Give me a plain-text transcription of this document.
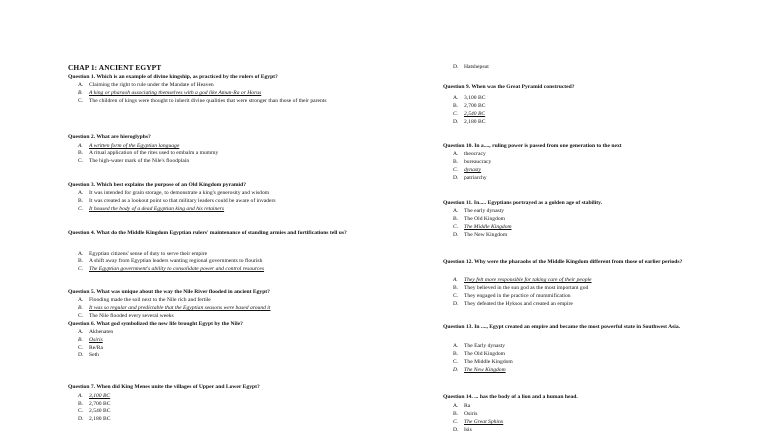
CHAP 1: ANCIENT EGYPT
Question 1. Which is an example of divine kingship, as practiced by the rulers of Egypt?
A. Claiming the right to rule under the Mandate of Heaven
B. A king or pharaoh associating themselves with a god like Amun-Ra or Horus
C. The children of kings were thought to inherit divine qualities that were stronger than those of their parents
Question 2. What are hieroglyphs?
A. A written form of the Egyptian language
B. A ritual application of the rites used to embalm a mummy
C. The high-water mark of the Nile's floodplain
Question 3. Which best explains the purpose of an Old Kingdom pyramid?
A. It was intended for grain storage, to demonstrate a king's generosity and wisdom
B. It was created as a lookout point so that military leaders could be aware of invaders
C. It housed the body of a dead Egyptian king and his retainers
Question 4. What do the Middle Kingdom Egyptian rulers' maintenance of standing armies and fortifications tell us?
A. Egyptian citizens' sense of duty to serve their empire
B. A shift away from Egyptian leaders wanting regional governments to flourish
C. The Egyptian government's ability to consolidate power and control resources
Question 5. What was unique about the way the Nile River flooded in ancient Egypt?
A. Flooding made the soil next to the Nile rich and fertile
B. It was so regular and predictable that the Egyptian seasons were based around it
C. The Nile flooded every several weeks
Question 6. What god symbolized the new life brought Egypt by the Nile?
A. Akhenaten
B. Osiris
C. Re/Ra
D. Seth
Question 7. When did King Menes unite the villages of Upper and Lower Egypt?
A. 3,100 BC
B. 2,700 BC
C. 2,540 BC
D. 2,180 BC
D. Hatshepsut
Question 9. When was the Great Pyramid constructed?
A. 3,100 BC
B. 2,700 BC
C. 2,540 BC
D. 2,180 BC
Question 10. In a...., ruling power is passed from one generation to the next
A. theocracy
B. bureaucracy
C. dynasty
D. patriarchy
Question 11. In..... Egyptians portrayed as a golden age of stability.
A. The early dynasty
B. The Old Kingdom
C. The Middle Kingdom
D. The New Kingdom
Question 12. Why were the pharaohs of the Middle Kingdom different from those of earlier periods?
A. They felt more responsible for taking care of their people
B. They believed in the sun god as the most important god
C. They engaged in the practice of mummification
D. They defeated the Hyksos and created an empire
Question 13. In ...., Egypt created an empire and became the most powerful state in Southwest Asia.
A. The Early dynasty
B. The Old Kingdom
C. The Middle Kingdom
D. The New Kingdom
Question 14. ... has the body of a lion and a human head.
A. Ra
B. Osiris
C. The Great Sphinx
D. Isis
